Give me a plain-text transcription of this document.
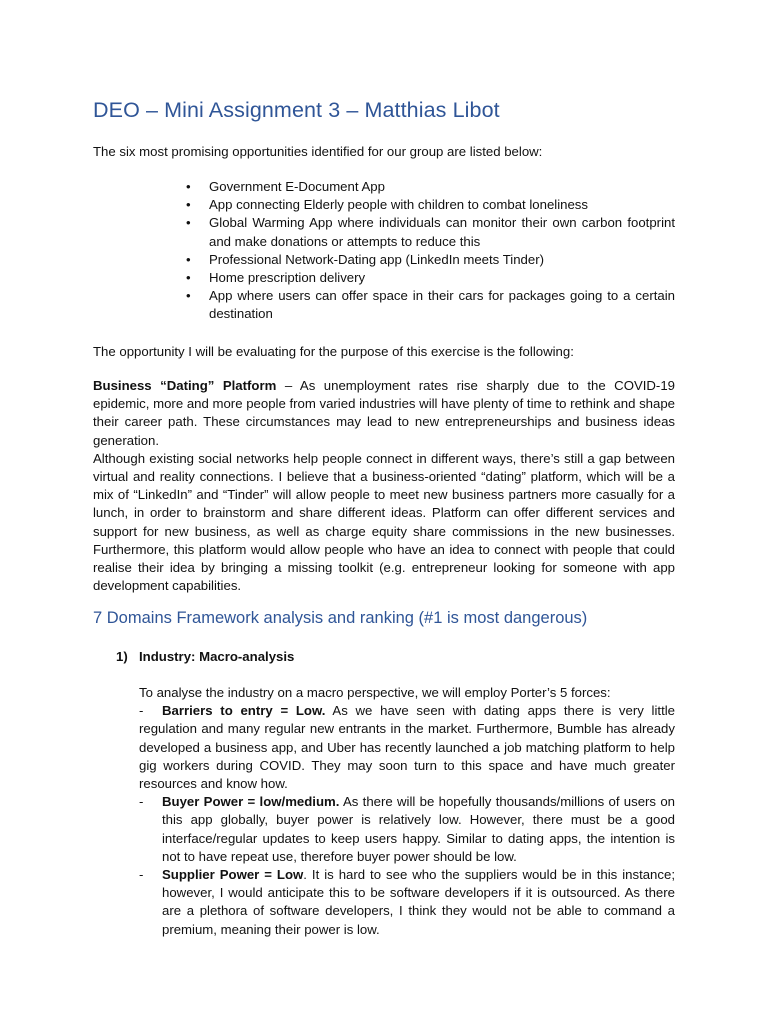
DEO – Mini Assignment 3 – Matthias Libot
The six most promising opportunities identified for our group are listed below:
• Government E-Document App
• App connecting Elderly people with children to combat loneliness
• Global Warming App where individuals can monitor their own carbon footprint and make donations or attempts to reduce this
• Professional Network-Dating app (LinkedIn meets Tinder)
• Home prescription delivery
• App where users can offer space in their cars for packages going to a certain destination
The opportunity I will be evaluating for the purpose of this exercise is the following:
Business “Dating” Platform – As unemployment rates rise sharply due to the COVID-19 epidemic, more and more people from varied industries will have plenty of time to rethink and shape their career path. These circumstances may lead to new entrepreneurships and business ideas generation.
Although existing social networks help people connect in different ways, there’s still a gap between virtual and reality connections. I believe that a business-oriented “dating” platform, which will be a mix of “LinkedIn” and “Tinder” will allow people to meet new business partners more casually for a lunch, in order to brainstorm and share different ideas. Platform can offer different services and support for new business, as well as charge equity share commissions in the new businesses. Furthermore, this platform would allow people who have an idea to connect with people that could realise their idea by bringing a missing toolkit (e.g. entrepreneur looking for someone with app development capabilities.
7 Domains Framework analysis and ranking (#1 is most dangerous)
1) Industry: Macro-analysis
To analyse the industry on a macro perspective, we will employ Porter’s 5 forces:
- Barriers to entry = Low. As we have seen with dating apps there is very little regulation and many regular new entrants in the market. Furthermore, Bumble has already developed a business app, and Uber has recently launched a job matching platform to help gig workers during COVID. They may soon turn to this space and have much greater resources and know how.
- Buyer Power = low/medium. As there will be hopefully thousands/millions of users on this app globally, buyer power is relatively low. However, there must be a good interface/regular updates to keep users happy. Similar to dating apps, the intention is not to have repeat use, therefore buyer power should be low.
- Supplier Power = Low. It is hard to see who the suppliers would be in this instance; however, I would anticipate this to be software developers if it is outsourced. As there are a plethora of software developers, I think they would not be able to command a premium, meaning their power is low.
